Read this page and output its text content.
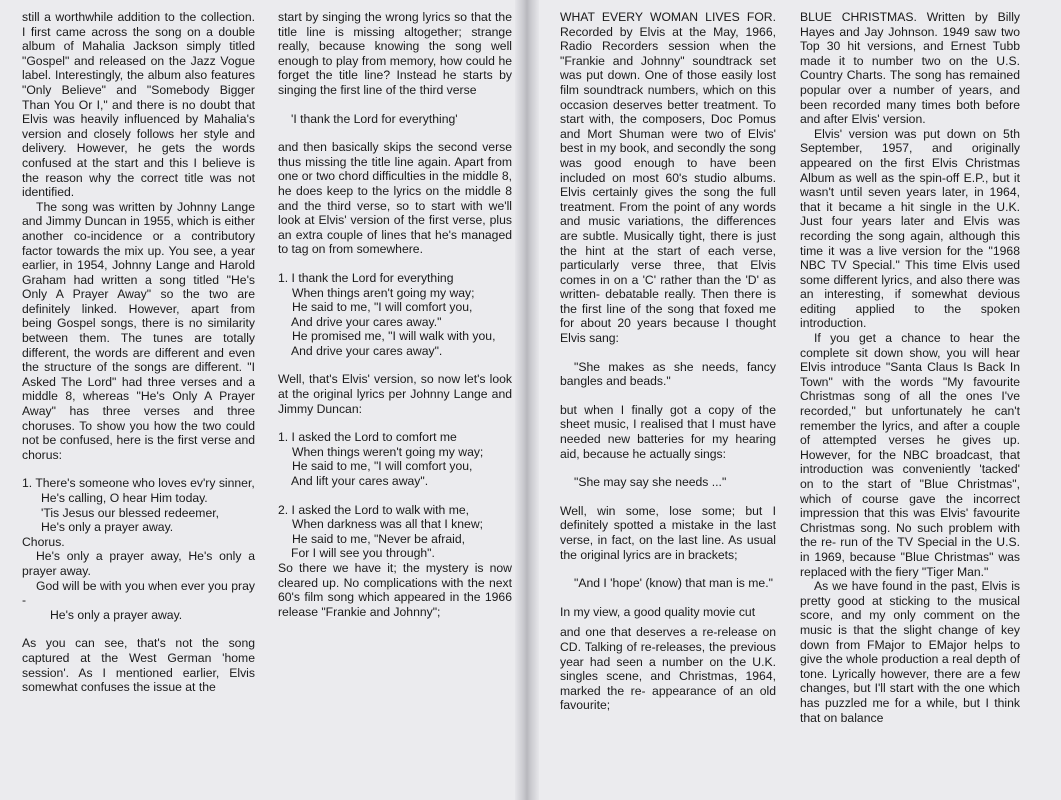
still a worthwhile addition to the collection. I first came across the song on a double album of Mahalia Jackson simply titled "Gospel" and released on the Jazz Vogue label. Interestingly, the album also features "Only Believe" and "Somebody Bigger Than You Or I," and there is no doubt that Elvis was heavily influenced by Mahalia's version and closely follows her style and delivery. However, he gets the words confused at the start and this I believe is the reason why the correct title was not identified.

The song was written by Johnny Lange and Jimmy Duncan in 1955, which is either another co-incidence or a contributory factor towards the mix up. You see, a year earlier, in 1954, Johnny Lange and Harold Graham had written a song titled "He's Only A Prayer Away" so the two are definitely linked. However, apart from being Gospel songs, there is no similarity between them. The tunes are totally different, the words are different and even the structure of the songs are different. "I Asked The Lord" had three verses and a middle 8, whereas "He's Only A Prayer Away" has three verses and three choruses. To show you how the two could not be confused, here is the first verse and chorus:

1. There's someone who loves ev'ry sinner,

He's calling, O hear Him today.

'Tis Jesus our blessed redeemer,

He's only a prayer away.

Chorus.

He's only a prayer away, He's only a prayer away.

God will be with you when ever you pray -

He's only a prayer away.

As you can see, that's not the song captured at the West German 'home session'. As I mentioned earlier, Elvis somewhat confuses the issue at the

start by singing the wrong lyrics so that the title line is missing altogether; strange really, because knowing the song well enough to play from memory, how could he forget the title line? Instead he starts by singing the first line of the third verse

'I thank the Lord for everything'

and then basically skips the second verse thus missing the title line again. Apart from one or two chord difficulties in the middle 8, he does keep to the lyrics on the middle 8 and the third verse, so to start with we'll look at Elvis' version of the first verse, plus an extra couple of lines that he's managed to tag on from somewhere.

1. I thank the Lord for everything

When things aren't going my way;

He said to me, "I will comfort you,

And drive your cares away."

He promised me, "I will walk with you,

And drive your cares away".

Well, that's Elvis' version, so now let's look at the original lyrics per Johnny Lange and Jimmy Duncan:

1. I asked the Lord to comfort me

When things weren't going my way;

He said to me, "I will comfort you,

And lift your cares away".

2. I asked the Lord to walk with me,

When darkness was all that I knew;

He said to me, "Never be afraid,

For I will see you through".

So there we have it; the mystery is now cleared up. No complications with the next 60's film song which appeared in the 1966 release "Frankie and Johnny";

WHAT EVERY WOMAN LIVES FOR. Recorded by Elvis at the May, 1966, Radio Recorders session when the "Frankie and Johnny" soundtrack set was put down. One of those easily lost film soundtrack numbers, which on this occasion deserves better treatment. To start with, the composers, Doc Pomus and Mort Shuman were two of Elvis' best in my book, and secondly the song was good enough to have been included on most 60's studio albums. Elvis certainly gives the song the full treatment. From the point of any words and music variations, the differences are subtle. Musically tight, there is just the hint at the start of each verse, particularly verse three, that Elvis comes in on a 'C' rather than the 'D' as written- debatable really. Then there is the first line of the song that foxed me for about 20 years because I thought Elvis sang:

"She makes as she needs, fancy bangles and beads."

but when I finally got a copy of the sheet music, I realised that I must have needed new batteries for my hearing aid, because he actually sings:

"She may say she needs ..."

Well, win some, lose some; but I definitely spotted a mistake in the last verse, in fact, on the last line. As usual the original lyrics are in brackets;

"And I 'hope' (know) that man is me."

In my view, a good quality movie cut

and one that deserves a re-release on CD. Talking of re-releases, the previous year had seen a number on the U.K. singles scene, and Christmas, 1964, marked the re- appearance of an old favourite;

BLUE CHRISTMAS. Written by Billy Hayes and Jay Johnson. 1949 saw two Top 30 hit versions, and Ernest Tubb made it to number two on the U.S. Country Charts. The song has remained popular over a number of years, and been recorded many times both before and after Elvis' version.

Elvis' version was put down on 5th September, 1957, and originally appeared on the first Elvis Christmas Album as well as the spin-off E.P., but it wasn't until seven years later, in 1964, that it became a hit single in the U.K. Just four years later and Elvis was recording the song again, although this time it was a live version for the "1968 NBC TV Special." This time Elvis used some different lyrics, and also there was an interesting, if somewhat devious editing applied to the spoken introduction.

If you get a chance to hear the complete sit down show, you will hear Elvis introduce "Santa Claus Is Back In Town" with the words "My favourite Christmas song of all the ones I've recorded," but unfortunately he can't remember the lyrics, and after a couple of attempted verses he gives up. However, for the NBC broadcast, that introduction was conveniently 'tacked' on to the start of "Blue Christmas", which of course gave the incorrect impression that this was Elvis' favourite Christmas song. No such problem with the re- run of the TV Special in the U.S. in 1969, because "Blue Christmas" was replaced with the fiery "Tiger Man."

As we have found in the past, Elvis is pretty good at sticking to the musical score, and my only comment on the music is that the slight change of key down from FMajor to EMajor helps to give the whole production a real depth of tone. Lyrically however, there are a few changes, but I'll start with the one which has puzzled me for a while, but I think that on balance
